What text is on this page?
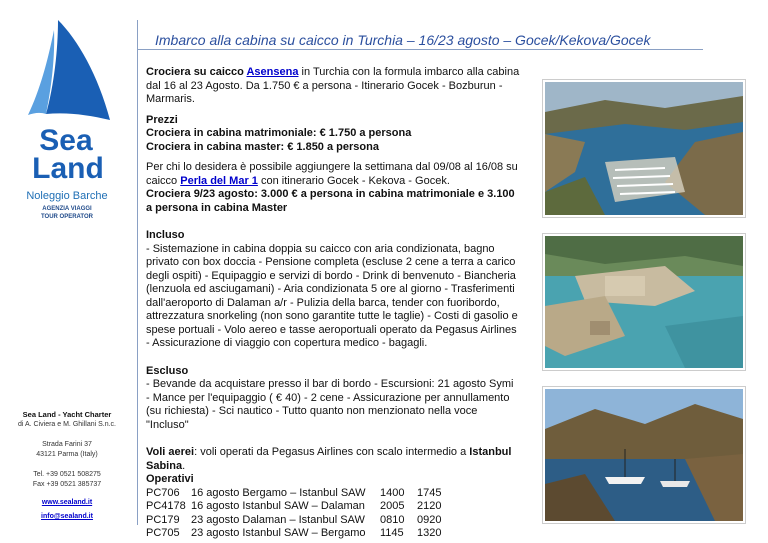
Sea
Land
Noleggio Barche
AGENZIA VIAGGI
TOUR OPERATOR
Sea Land - Yacht Charter
di A. Civiera e M. Ghillani S.n.c.
Strada Farini 37
43121 Parma (Italy)
Tel. +39 0521 508275
Fax +39 0521 385737
www.sealand.it
info@sealand.it
Imbarco alla cabina su caicco in Turchia – 16/23 agosto – Gocek/Kekova/Gocek

Crociera su caicco Asensena in Turchia con la formula imbarco alla cabina dal 16 al 23 Agosto. Da 1.750 € a persona - Itinerario Gocek - Bozburun - Marmaris.

Prezzi
Crociera in cabina matrimoniale: € 1.750 a persona
Crociera in cabina master: € 1.850 a persona

Per chi lo desidera è possibile aggiungere la settimana dal 09/08 al 16/08 su caicco Perla del Mar 1 con itinerario Gocek - Kekova - Gocek.
Crociera 9/23 agosto: 3.000 € a persona in cabina matrimoniale e 3.100 a persona in cabina Master

Incluso
- Sistemazione in cabina doppia su caicco con aria condizionata, bagno privato con box doccia - Pensione completa (escluse 2 cene a terra a carico degli ospiti) - Equipaggio e servizi di bordo - Drink di benvenuto - Biancheria (lenzuola ed asciugamani) - Aria condizionata 5 ore al giorno - Trasferimenti dall'aeroporto di Dalaman a/r - Pulizia della barca, tender con fuoribordo, attrezzatura snorkeling (non sono garantite tutte le taglie) - Costi di gasolio e spese portuali - Volo aereo e tasse aeroportuali operato da Pegasus Airlines - Assicurazione di viaggio con copertura medico - bagagli.

Escluso
- Bevande da acquistare presso il bar di bordo - Escursioni: 21 agosto Symi - Mance per l'equipaggio ( € 40) - 2 cene - Assicurazione per annullamento (su richiesta) - Sci nautico - Tutto quanto non menzionato nella voce "Incluso"

Voli aerei: voli operati da Pegasus Airlines con scalo intermedio a Istanbul Sabina.
Operativi

PC706	16 agosto Bergamo – Istanbul SAW	1400	1745
PC4178 16 agosto Istanbul SAW – Dalaman	2005	2120
PC179	23 agosto Dalaman – Istanbul SAW	0810	0920
PC705	23 agosto Istanbul SAW – Bergamo	1145	1320
